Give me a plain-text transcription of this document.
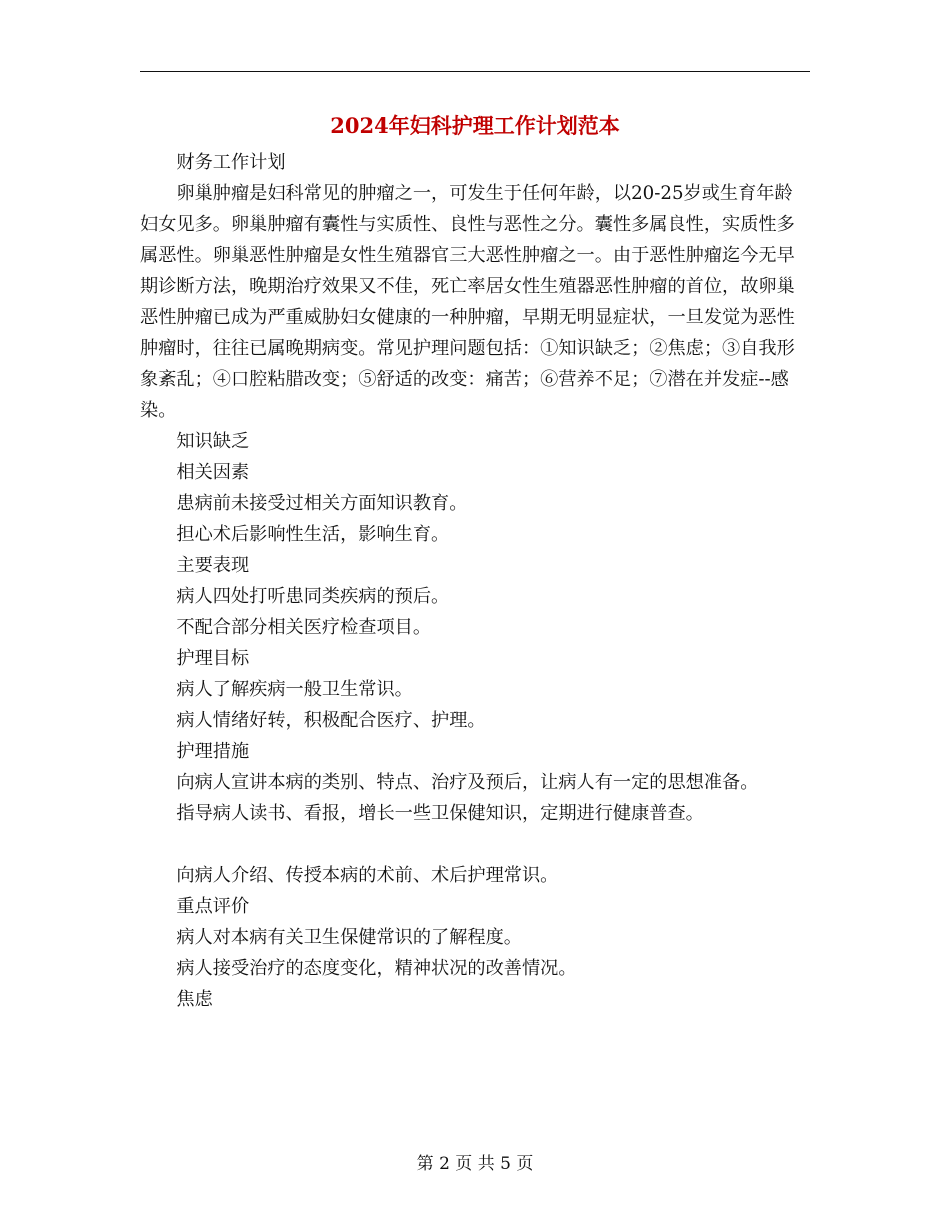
2024年妇科护理工作计划范本

财务工作计划

卵巢肿瘤是妇科常见的肿瘤之一，可发生于任何年龄，以20-25岁或生育年龄妇女见多。卵巢肿瘤有囊性与实质性、良性与恶性之分。囊性多属良性，实质性多属恶性。卵巢恶性肿瘤是女性生殖器官三大恶性肿瘤之一。由于恶性肿瘤迄今无早期诊断方法，晚期治疗效果又不佳，死亡率居女性生殖器恶性肿瘤的首位，故卵巢恶性肿瘤已成为严重威胁妇女健康的一种肿瘤，早期无明显症状，一旦发觉为恶性肿瘤时，往往已属晚期病变。常见护理问题包括：①知识缺乏；②焦虑；③自我形象紊乱；④口腔粘腊改变；⑤舒适的改变：痛苦；⑥营养不足；⑦潜在并发症--感染。

知识缺乏

相关因素

患病前未接受过相关方面知识教育。

担心术后影响性生活，影响生育。

主要表现

病人四处打听患同类疾病的预后。

不配合部分相关医疗检查项目。

护理目标

病人了解疾病一般卫生常识。

病人情绪好转，积极配合医疗、护理。

护理措施

向病人宣讲本病的类别、特点、治疗及预后，让病人有一定的思想准备。

指导病人读书、看报，增长一些卫保健知识，定期进行健康普查。

向病人介绍、传授本病的术前、术后护理常识。

重点评价

病人对本病有关卫生保健常识的了解程度。

病人接受治疗的态度变化，精神状况的改善情况。

焦虑

第 2 页 共 5 页
